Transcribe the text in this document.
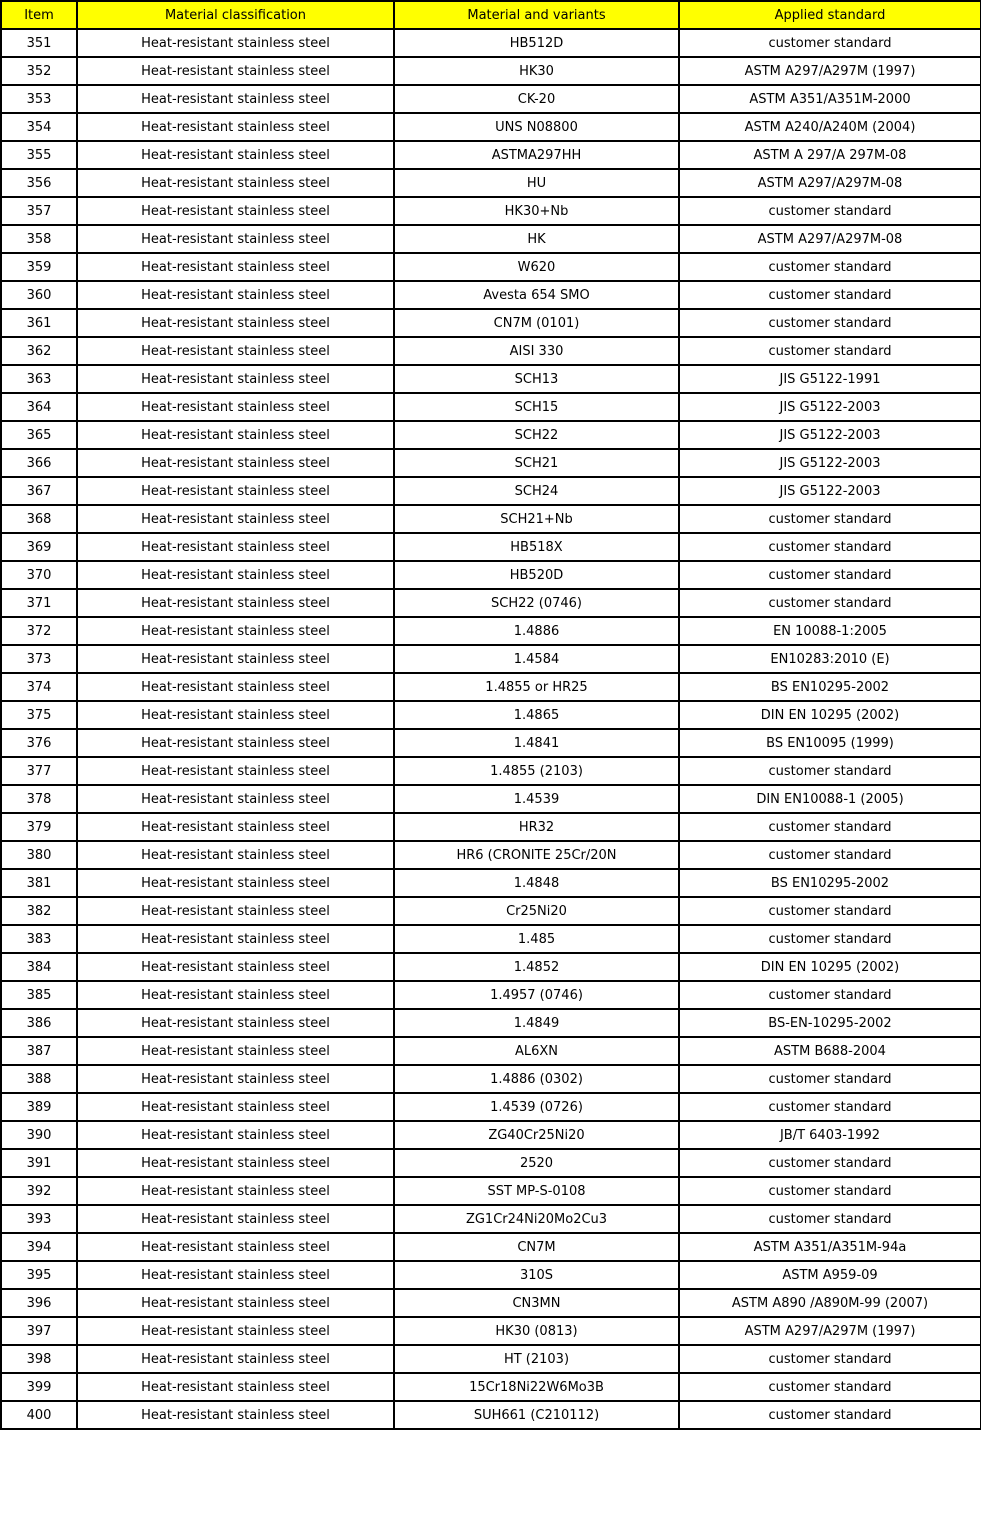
Item	Material classification	Material and variants	Applied standard
351	Heat-resistant stainless steel	HB512D	customer standard
352	Heat-resistant stainless steel	HK30	ASTM A297/A297M (1997)
353	Heat-resistant stainless steel	CK-20	ASTM A351/A351M-2000
354	Heat-resistant stainless steel	UNS N08800	ASTM A240/A240M (2004)
355	Heat-resistant stainless steel	ASTMA297HH	ASTM A 297/A 297M-08
356	Heat-resistant stainless steel	HU	ASTM A297/A297M-08
357	Heat-resistant stainless steel	HK30+Nb	customer standard
358	Heat-resistant stainless steel	HK	ASTM A297/A297M-08
359	Heat-resistant stainless steel	W620	customer standard
360	Heat-resistant stainless steel	Avesta 654 SMO	customer standard
361	Heat-resistant stainless steel	CN7M (0101)	customer standard
362	Heat-resistant stainless steel	AISI 330	customer standard
363	Heat-resistant stainless steel	SCH13	JIS G5122-1991
364	Heat-resistant stainless steel	SCH15	JIS G5122-2003
365	Heat-resistant stainless steel	SCH22	JIS G5122-2003
366	Heat-resistant stainless steel	SCH21	JIS G5122-2003
367	Heat-resistant stainless steel	SCH24	JIS G5122-2003
368	Heat-resistant stainless steel	SCH21+Nb	customer standard
369	Heat-resistant stainless steel	HB518X	customer standard
370	Heat-resistant stainless steel	HB520D	customer standard
371	Heat-resistant stainless steel	SCH22 (0746)	customer standard
372	Heat-resistant stainless steel	1.4886	EN 10088-1:2005
373	Heat-resistant stainless steel	1.4584	EN10283:2010 (E)
374	Heat-resistant stainless steel	1.4855 or HR25	BS EN10295-2002
375	Heat-resistant stainless steel	1.4865	DIN EN 10295 (2002)
376	Heat-resistant stainless steel	1.4841	BS EN10095 (1999)
377	Heat-resistant stainless steel	1.4855 (2103)	customer standard
378	Heat-resistant stainless steel	1.4539	DIN EN10088-1 (2005)
379	Heat-resistant stainless steel	HR32	customer standard
380	Heat-resistant stainless steel	HR6 (CRONITE 25Cr/20N	customer standard
381	Heat-resistant stainless steel	1.4848	BS EN10295-2002
382	Heat-resistant stainless steel	Cr25Ni20	customer standard
383	Heat-resistant stainless steel	1.485	customer standard
384	Heat-resistant stainless steel	1.4852	DIN EN 10295 (2002)
385	Heat-resistant stainless steel	1.4957 (0746)	customer standard
386	Heat-resistant stainless steel	1.4849	BS-EN-10295-2002
387	Heat-resistant stainless steel	AL6XN	ASTM B688-2004
388	Heat-resistant stainless steel	1.4886 (0302)	customer standard
389	Heat-resistant stainless steel	1.4539 (0726)	customer standard
390	Heat-resistant stainless steel	ZG40Cr25Ni20	JB/T 6403-1992
391	Heat-resistant stainless steel	2520	customer standard
392	Heat-resistant stainless steel	SST MP-S-0108	customer standard
393	Heat-resistant stainless steel	ZG1Cr24Ni20Mo2Cu3	customer standard
394	Heat-resistant stainless steel	CN7M	ASTM A351/A351M-94a
395	Heat-resistant stainless steel	310S	ASTM A959-09
396	Heat-resistant stainless steel	CN3MN	ASTM A890 /A890M-99 (2007)
397	Heat-resistant stainless steel	HK30 (0813)	ASTM A297/A297M (1997)
398	Heat-resistant stainless steel	HT (2103)	customer standard
399	Heat-resistant stainless steel	15Cr18Ni22W6Mo3B	customer standard
400	Heat-resistant stainless steel	SUH661 (C210112)	customer standard
